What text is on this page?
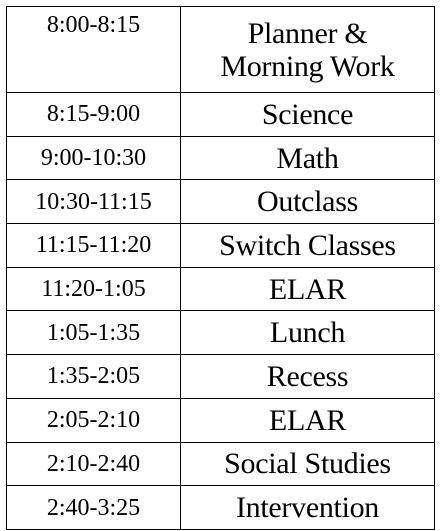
8:00-8:15	Planner &
Morning Work

8:15-9:00	Science
9:00-10:30	Math
10:30-11:15	Outclass
11:15-11:20	Switch Classes
11:20-1:05	ELAR
1:05-1:35	Lunch
1:35-2:05	Recess
2:05-2:10	ELAR
2:10-2:40	Social Studies
2:40-3:25	Intervention
